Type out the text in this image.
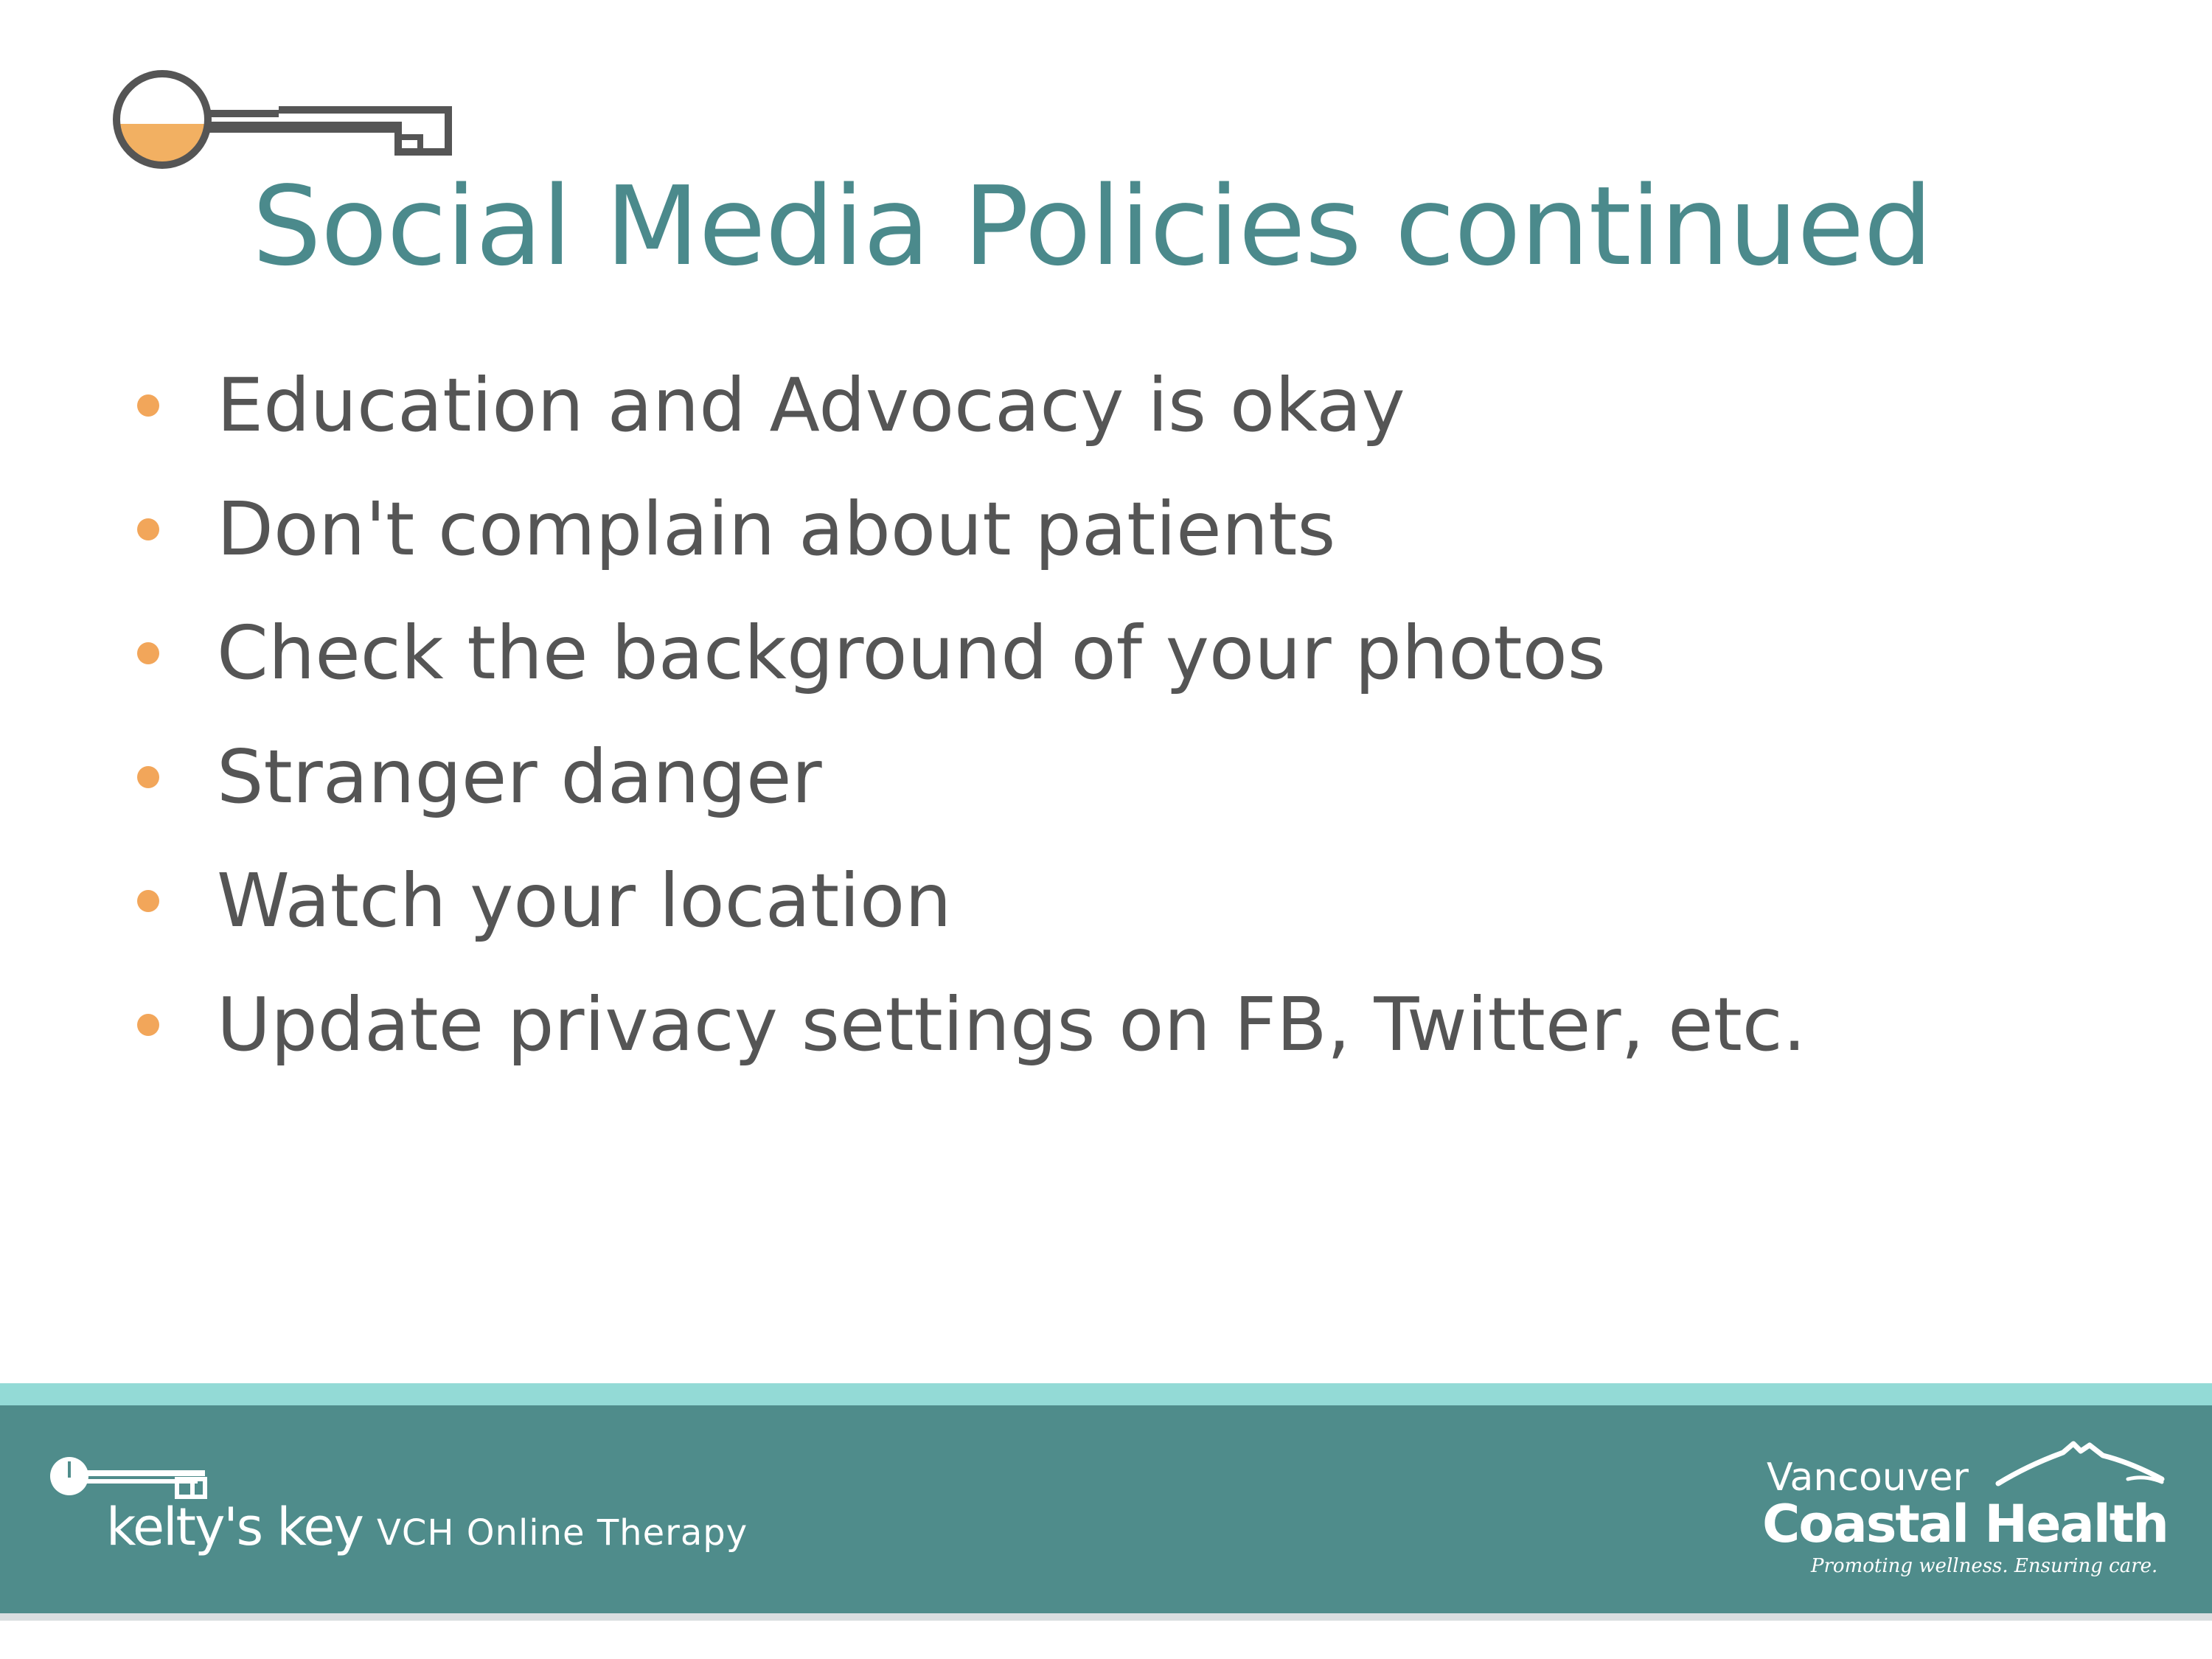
Social Media Policies continued
Education and Advocacy is okay
Don't complain about patients
Check the background of your photos
Stranger danger
Watch your location
Update privacy settings on FB, Twitter, etc.
kelty's key VCH Online Therapy
Vancouver
Coastal Health
Promoting wellness. Ensuring care.
